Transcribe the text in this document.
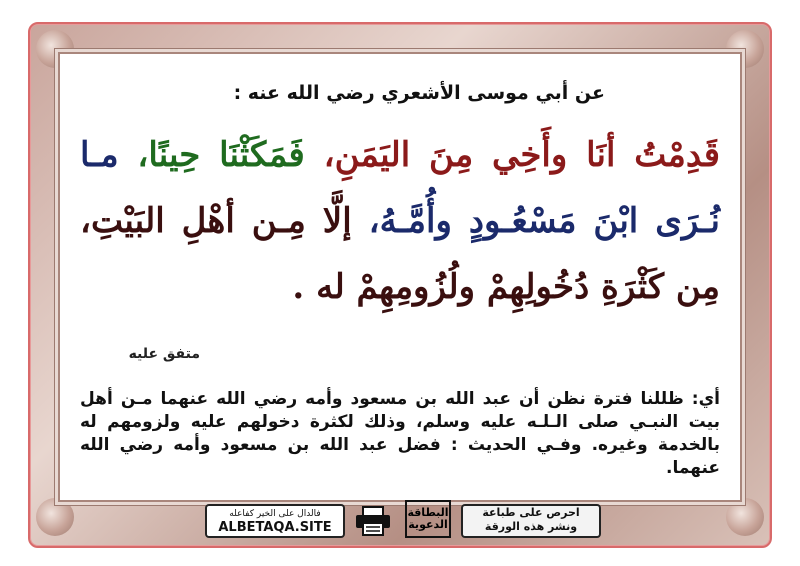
عن أبي موسى الأشعري رضي الله عنه :
قَدِمْتُ أنَا وأَخِي مِنَ اليَمَنِ، فَمَكَثْنَا حِينًا، مـا نُـرَى ابْنَ مَسْعُـودٍ وأُمَّـهُ، إلَّا مِـن أهْلِ البَيْتِ، مِن كَثْرَةِ دُخُولِهِمْ ولُزُومِهِمْ له .
متفق عليه
أي: ظللنا فترة نظن أن عبد الله بن مسعود وأمه رضي الله عنهما مـن أهل بيت النبـي صلى الـلـه عليه وسلم، وذلك لكثرة دخولهم عليه ولزومهم له بالخدمة وغيره. وفـي الحديث : فضل عبد الله بن مسعود وأمه رضي الله عنهما.
فالدال على الخير كفاعله
ALBETAQA.SITE
البطاقة الدعوية
احرص على طباعة
ونشر هذه الورقة
